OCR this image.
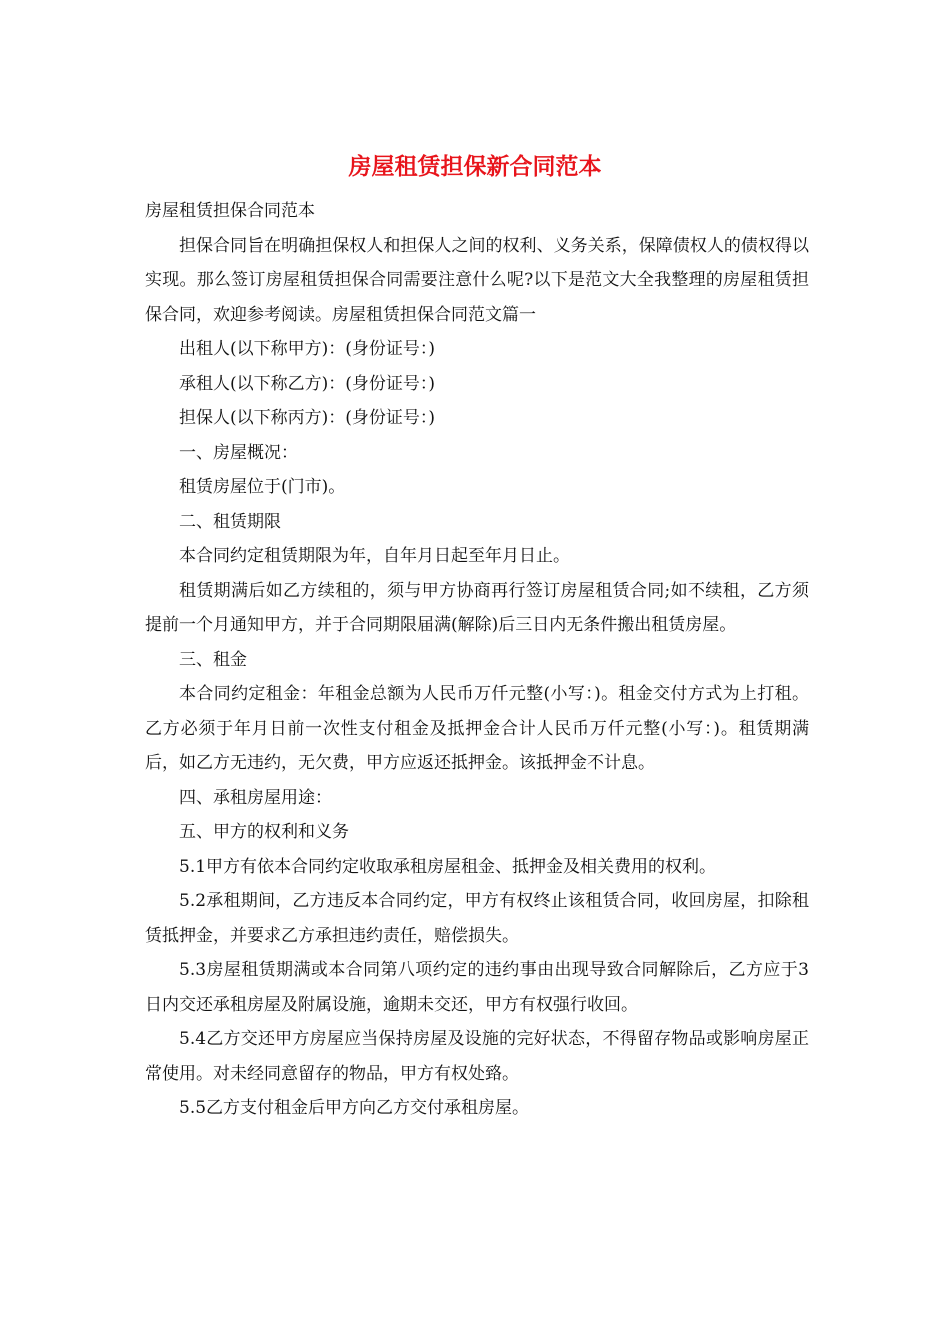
房屋租赁担保新合同范本

房屋租赁担保合同范本

担保合同旨在明确担保权人和担保人之间的权利、义务关系，保障债权人的债权得以实现。那么签订房屋租赁担保合同需要注意什么呢?以下是范文大全我整理的房屋租赁担保合同，欢迎参考阅读。房屋租赁担保合同范文篇一

出租人(以下称甲方)：(身份证号：)

承租人(以下称乙方)：(身份证号：)

担保人(以下称丙方)：(身份证号：)

一、房屋概况：

租赁房屋位于(门市)。

二、租赁期限

本合同约定租赁期限为年，自年月日起至年月日止。

租赁期满后如乙方续租的，须与甲方协商再行签订房屋租赁合同;如不续租，乙方须提前一个月通知甲方，并于合同期限届满(解除)后三日内无条件搬出租赁房屋。

三、租金

本合同约定租金：年租金总额为人民币万仟元整(小写：)。租金交付方式为上打租。乙方必须于年月日前一次性支付租金及抵押金合计人民币万仟元整(小写：)。租赁期满后，如乙方无违约，无欠费，甲方应返还抵押金。该抵押金不计息。

四、承租房屋用途：

五、甲方的权利和义务

5.1甲方有依本合同约定收取承租房屋租金、抵押金及相关费用的权利。

5.2承租期间，乙方违反本合同约定，甲方有权终止该租赁合同，收回房屋，扣除租赁抵押金，并要求乙方承担违约责任，赔偿损失。

5.3房屋租赁期满或本合同第八项约定的违约事由出现导致合同解除后，乙方应于3日内交还承租房屋及附属设施，逾期未交还，甲方有权强行收回。

5.4乙方交还甲方房屋应当保持房屋及设施的完好状态，不得留存物品或影响房屋正常使用。对未经同意留存的物品，甲方有权处臵。

5.5乙方支付租金后甲方向乙方交付承租房屋。
